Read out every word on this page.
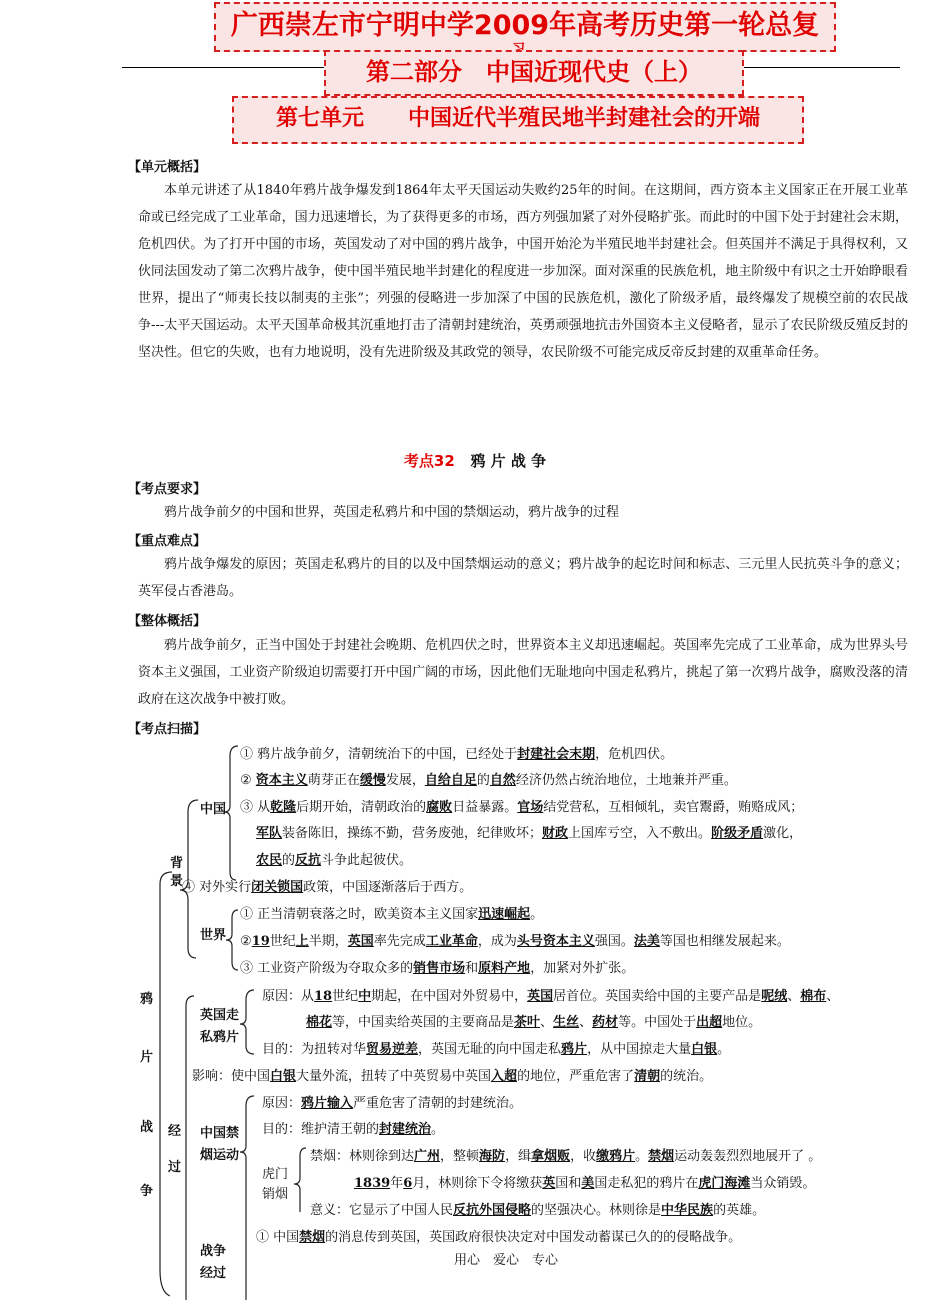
广西崇左市宁明中学2009年高考历史第一轮总复
第二部分　中国近现代史（上）
第七单元　　中国近代半殖民地半封建社会的开端
【单元概括】
本单元讲述了从1840年鸦片战争爆发到1864年太平天国运动失败约25年的时间。在这期间，西方资本主义国家正在开展工业革命或已经完成了工业革命，国力迅速增长，为了获得更多的市场，西方列强加紧了对外侵略扩张。而此时的中国下处于封建社会末期，危机四伏。为了打开中国的市场，英国发动了对中国的鸦片战争，中国开始沦为半殖民地半封建社会。但英国并不满足于具得权利，又伙同法国发动了第二次鸦片战争，使中国半殖民地半封建化的程度进一步加深。面对深重的民族危机，地主阶级中有识之士开始睁眼看世界，提出了“师夷长技以制夷的主张”；列强的侵略进一步加深了中国的民族危机，激化了阶级矛盾，最终爆发了规模空前的农民战争---太平天国运动。太平天国革命极其沉重地打击了清朝封建统治，英勇顽强地抗击外国资本主义侵略者，显示了农民阶级反殖反封的坚决性。但它的失败，也有力地说明，没有先进阶级及其政党的领导，农民阶级不可能完成反帝反封建的双重革命任务。
考点32 鸦 片 战 争
【考点要求】
鸦片战争前夕的中国和世界，英国走私鸦片和中国的禁烟运动，鸦片战争的过程
【重点难点】
鸦片战争爆发的原因；英国走私鸦片的目的以及中国禁烟运动的意义；鸦片战争的起讫时间和标志、三元里人民抗英斗争的意义；英军侵占香港岛。
【整体概括】
鸦片战争前夕，正当中国处于封建社会晚期、危机四伏之时，世界资本主义却迅速崛起。英国率先完成了工业革命，成为世界头号资本主义强国，工业资产阶级迫切需要打开中国广阔的市场，因此他们无耻地向中国走私鸦片，挑起了第一次鸦片战争，腐败没落的清政府在这次战争中被打败。
【考点扫描】
鸦
片
战
争
背
景
经
过
中国
世界
英国走
私鸦片
中国禁
烟运动
虎门
销烟
战争
经过
① 鸦片战争前夕，清朝统治下的中国，已经处于封建社会末期，危机四伏。
② 资本主义萌芽正在缓慢发展，自给自足的自然经济仍然占统治地位，土地兼并严重。
③ 从乾隆后期开始，清朝政治的腐败日益暴露。官场结党营私，互相倾轧，卖官鬻爵，贿赂成风；
军队装备陈旧，操练不勤，营务废弛，纪律败坏；财政上国库亏空，入不敷出。阶级矛盾激化，
农民的反抗斗争此起彼伏。
④ 对外实行闭关锁国政策，中国逐渐落后于西方。
① 正当清朝衰落之时，欧美资本主义国家迅速崛起。
②19世纪上半期，英国率先完成工业革命，成为头号资本主义强国。法美等国也相继发展起来。
③ 工业资产阶级为夺取众多的销售市场和原料产地，加紧对外扩张。
原因：从18世纪中期起，在中国对外贸易中，英国居首位。英国卖给中国的主要产品是呢绒、棉布、
棉花等，中国卖给英国的主要商品是茶叶、生丝、药材等。中国处于出超地位。
目的：为扭转对华贸易逆差，英国无耻的向中国走私鸦片，从中国掠走大量白银。
影响：使中国白银大量外流，扭转了中英贸易中英国入超的地位，严重危害了清朝的统治。
原因：鸦片输入严重危害了清朝的封建统治。
目的：维护清王朝的封建统治。
禁烟：林则徐到达广州，整顿海防，缉拿烟贩，收缴鸦片。禁烟运动轰轰烈烈地展开了 。
1839年6月，林则徐下令将缴获英国和美国走私犯的鸦片在虎门海滩当众销毁。
意义：它显示了中国人民反抗外国侵略的坚强决心。林则徐是中华民族的英雄。
① 中国禁烟的消息传到英国，英国政府很快决定对中国发动蓄谋已久的的侵略战争。
用心　爱心　专心
